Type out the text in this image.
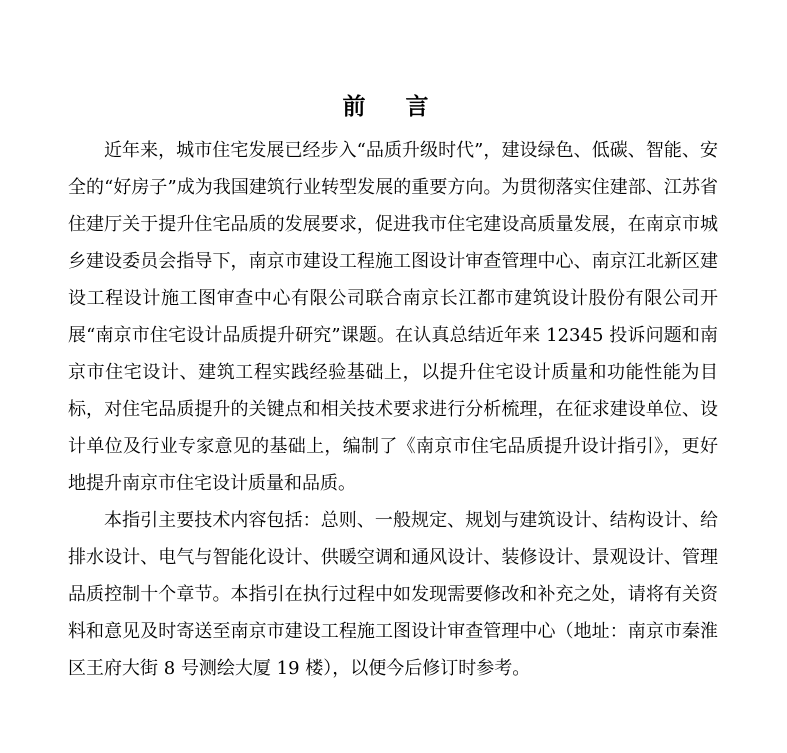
前 言

近年来，城市住宅发展已经步入“品质升级时代”，建设绿色、低碳、智能、安全的“好房子”成为我国建筑行业转型发展的重要方向。为贯彻落实住建部、江苏省住建厅关于提升住宅品质的发展要求，促进我市住宅建设高质量发展，在南京市城乡建设委员会指导下，南京市建设工程施工图设计审查管理中心、南京江北新区建设工程设计施工图审查中心有限公司联合南京长江都市建筑设计股份有限公司开展“南京市住宅设计品质提升研究”课题。在认真总结近年来 12345 投诉问题和南京市住宅设计、建筑工程实践经验基础上，以提升住宅设计质量和功能性能为目标，对住宅品质提升的关键点和相关技术要求进行分析梳理，在征求建设单位、设计单位及行业专家意见的基础上，编制了《南京市住宅品质提升设计指引》，更好地提升南京市住宅设计质量和品质。

本指引主要技术内容包括：总则、一般规定、规划与建筑设计、结构设计、给排水设计、电气与智能化设计、供暖空调和通风设计、装修设计、景观设计、管理品质控制十个章节。本指引在执行过程中如发现需要修改和补充之处，请将有关资料和意见及时寄送至南京市建设工程施工图设计审查管理中心（地址：南京市秦淮区王府大街 8 号测绘大厦 19 楼），以便今后修订时参考。
